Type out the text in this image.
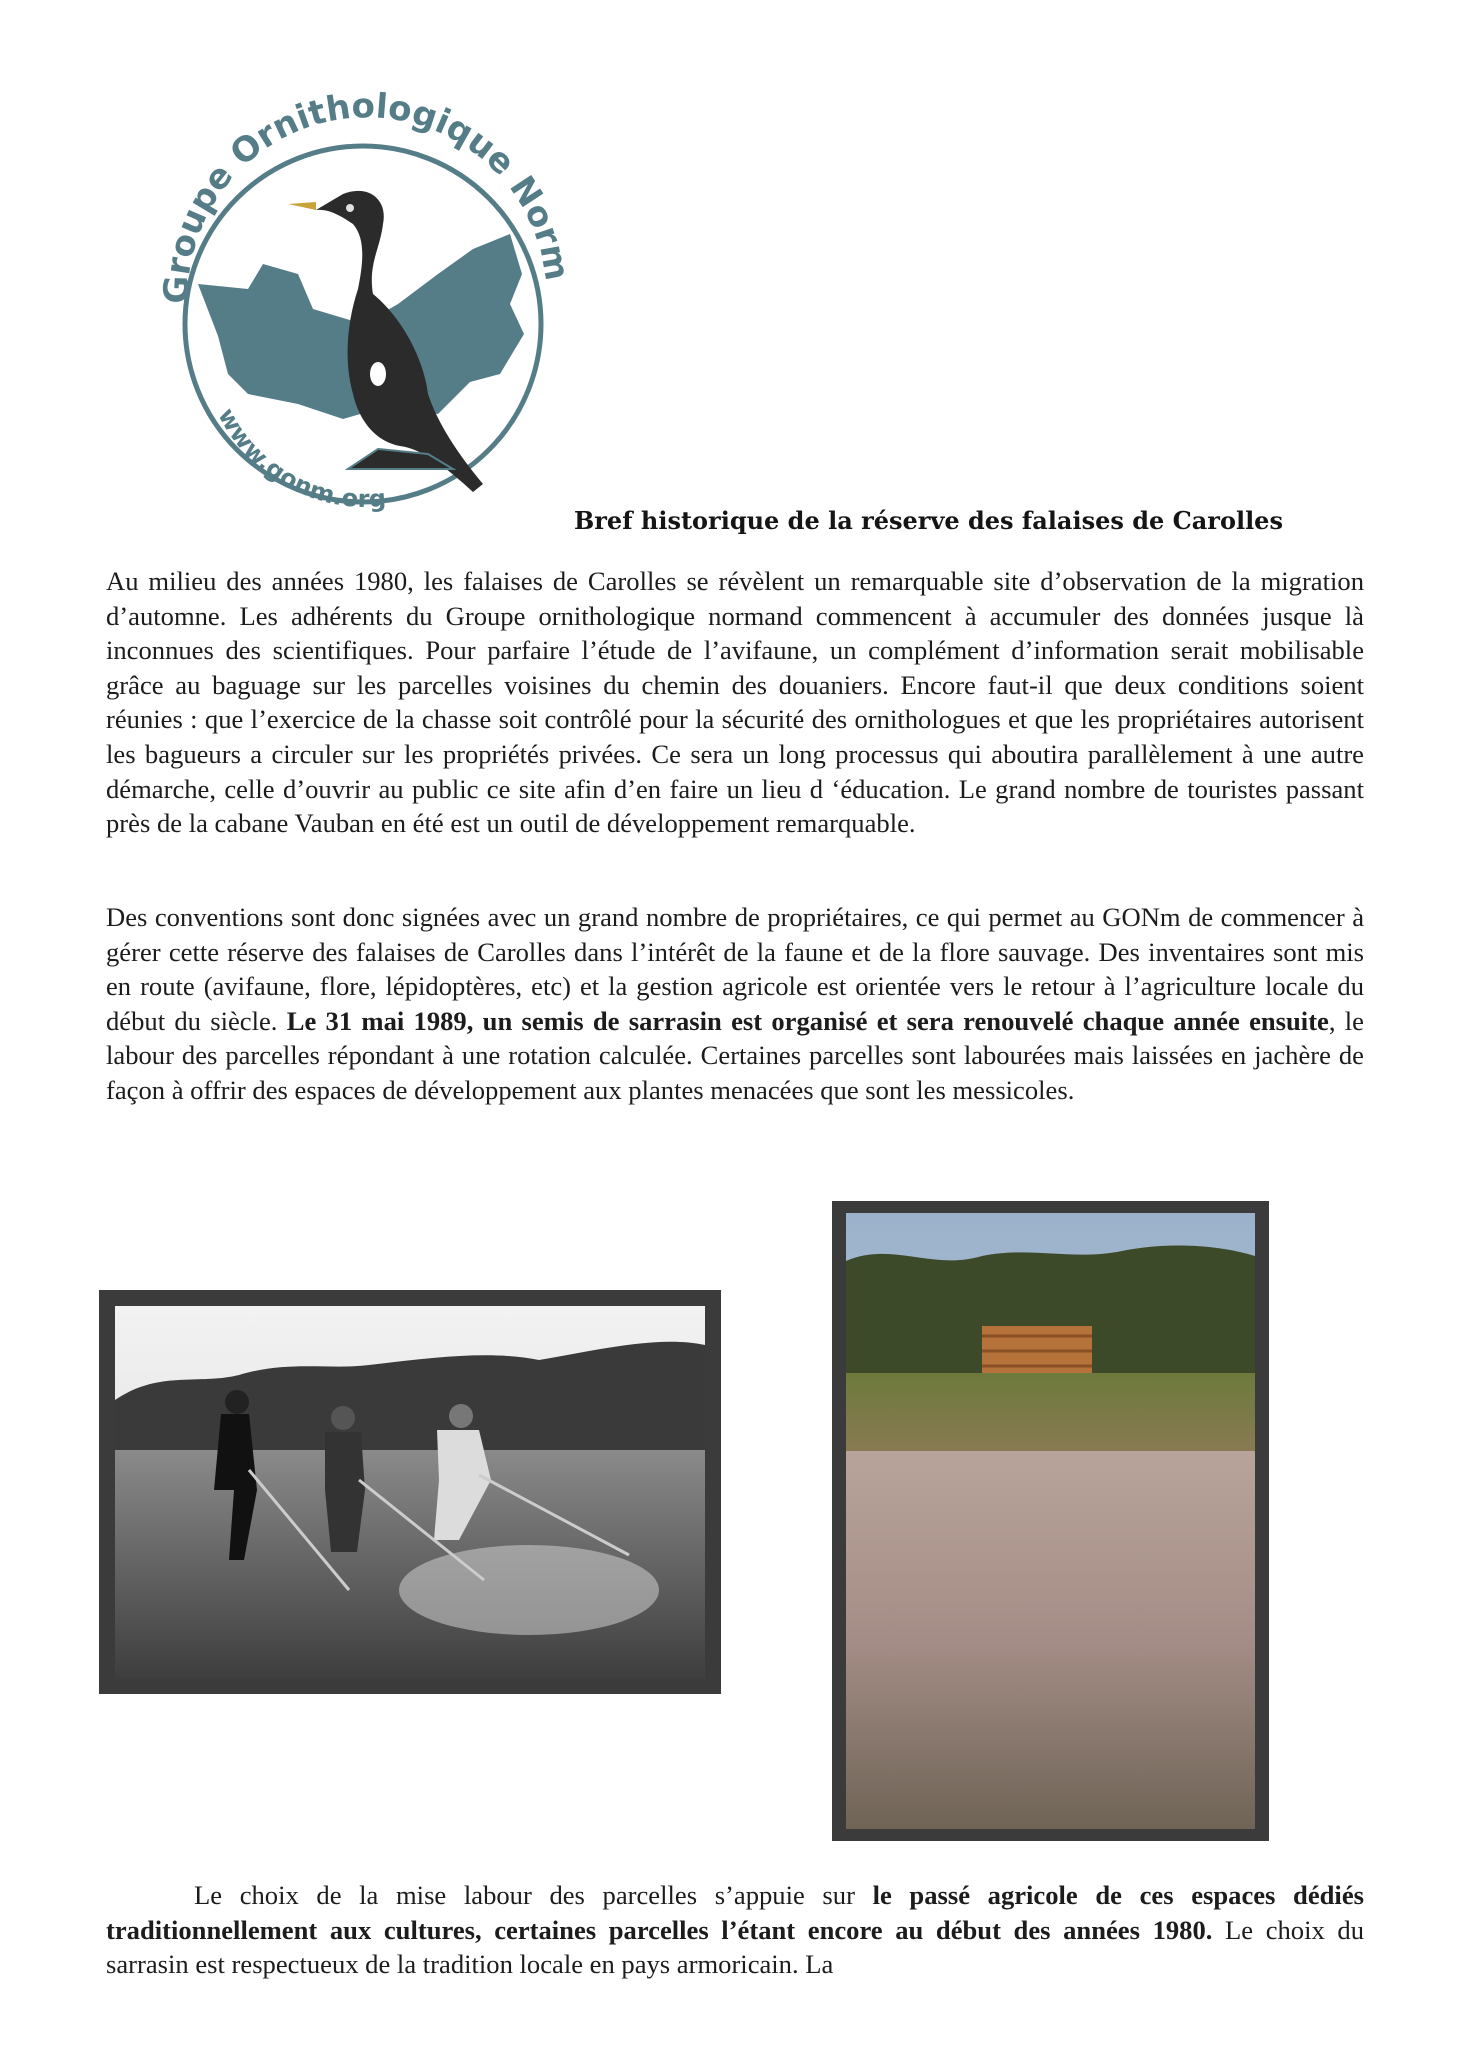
Groupe Ornithologique Norm
www.gonm.org
Bref historique de la réserve des falaises de Carolles

Au milieu des années 1980, les falaises de Carolles se révèlent un remarquable site d’observation de la migration d’automne. Les adhérents du Groupe ornithologique normand commencent à accumuler des données jusque là inconnues des scientifiques. Pour parfaire l’étude de l’avifaune, un complément d’information serait mobilisable grâce au baguage sur les parcelles voisines du chemin des douaniers. Encore faut-il que deux conditions soient réunies : que l’exercice de la chasse soit contrôlé pour la sécurité des ornithologues et que les propriétaires autorisent les bagueurs a circuler sur les propriétés privées. Ce sera un long processus qui aboutira parallèlement à une autre démarche, celle d’ouvrir au public ce site afin d’en faire un lieu d ‘éducation. Le grand nombre de touristes passant près de la cabane Vauban en été est un outil de développement remarquable.

Des conventions sont donc signées avec un grand nombre de propriétaires, ce qui permet au GONm de commencer à gérer cette réserve des falaises de Carolles dans l’intérêt de la faune et de la flore sauvage. Des inventaires sont mis en route (avifaune, flore, lépidoptères, etc) et la gestion agricole est orientée vers le retour à l’agriculture locale du début du siècle. Le 31 mai 1989, un semis de sarrasin est organisé et sera renouvelé chaque année ensuite, le labour des parcelles répondant à une rotation calculée. Certaines parcelles sont labourées mais laissées en jachère de façon à offrir des espaces de développement aux plantes menacées que sont les messicoles.

Le choix de la mise labour des parcelles s’appuie sur le passé agricole de ces espaces dédiés traditionnellement aux cultures, certaines parcelles l’étant encore au début des années 1980. Le choix du sarrasin est respectueux de la tradition locale en pays armoricain. La
